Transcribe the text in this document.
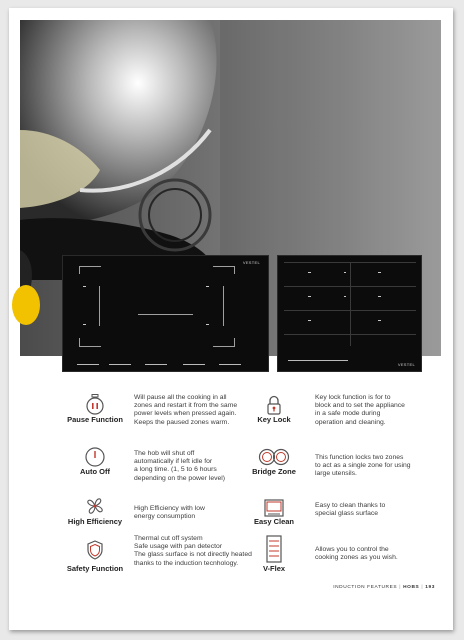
VESTEL
VESTEL
Pause Function
Will pause all the cooking in all
zones and restart it from the same
power levels when pressed again.
Keeps the paused zones warm.	Key Lock
Key lock function is for to
block and to set the appliance
in a safe mode during
operation and cleaning.
Auto Off
The hob will shut off
automatically if left idle for
a long time. (1, 5 to 6 hours
depending on the power level)
Bridge Zone
This function locks two zones
to act as a single zone for using
large utensils.
High Efficiency
High Efficiency with low
energy consumption
Easy Clean
Easy to clean thanks to
special glass surface
Safety Function
Thermal cut off system
Safe usage with pan detector
The glass surface is not directly heated
thanks to the induction tecnhology.
V-Flex
Allows you to control the
cooking zones as you wish.
INDUCTION FEATURES | HOBS | 193
